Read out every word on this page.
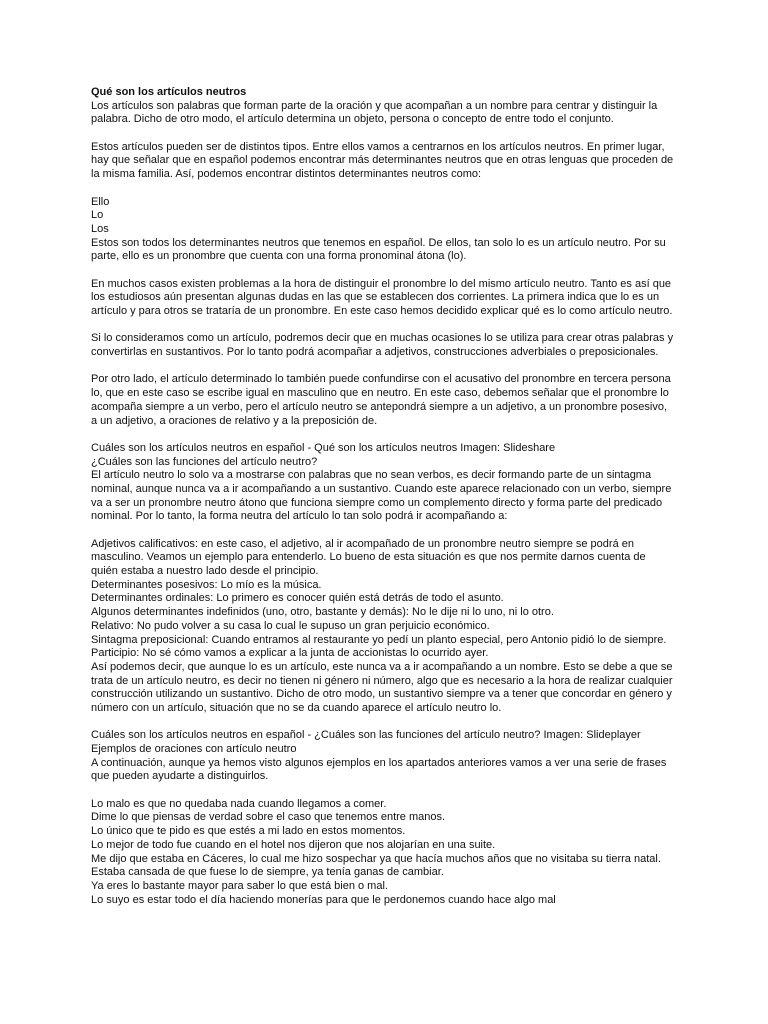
Qué son los artículos neutros
Los artículos son palabras que forman parte de la oración y que acompañan a un nombre para centrar y distinguir la
palabra. Dicho de otro modo, el artículo determina un objeto, persona o concepto de entre todo el conjunto.
Estos artículos pueden ser de distintos tipos. Entre ellos vamos a centrarnos en los artículos neutros. En primer lugar,
hay que señalar que en español podemos encontrar más determinantes neutros que en otras lenguas que proceden de
la misma familia. Así, podemos encontrar distintos determinantes neutros como:
Ello
Lo
Los
Estos son todos los determinantes neutros que tenemos en español. De ellos, tan solo lo es un artículo neutro. Por su
parte, ello es un pronombre que cuenta con una forma pronominal átona (lo).
En muchos casos existen problemas a la hora de distinguir el pronombre lo del mismo artículo neutro. Tanto es así que
los estudiosos aún presentan algunas dudas en las que se establecen dos corrientes. La primera indica que lo es un
artículo y para otros se trataría de un pronombre. En este caso hemos decidido explicar qué es lo como artículo neutro.
Si lo consideramos como un artículo, podremos decir que en muchas ocasiones lo se utiliza para crear otras palabras y
convertirlas en sustantivos. Por lo tanto podrá acompañar a adjetivos, construcciones adverbiales o preposicionales.
Por otro lado, el artículo determinado lo también puede confundirse con el acusativo del pronombre en tercera persona
lo, que en este caso se escribe igual en masculino que en neutro. En este caso, debemos señalar que el pronombre lo
acompaña siempre a un verbo, pero el artículo neutro se antepondrá siempre a un adjetivo, a un pronombre posesivo,
a un adjetivo, a oraciones de relativo y a la preposición de.
Cuáles son los artículos neutros en español - Qué son los artículos neutros Imagen: Slideshare
¿Cuáles son las funciones del artículo neutro?
El artículo neutro lo solo va a mostrarse con palabras que no sean verbos, es decir formando parte de un sintagma
nominal, aunque nunca va a ir acompañando a un sustantivo. Cuando este aparece relacionado con un verbo, siempre
va a ser un pronombre neutro átono que funciona siempre como un complemento directo y forma parte del predicado
nominal. Por lo tanto, la forma neutra del artículo lo tan solo podrá ir acompañando a:
Adjetivos calificativos: en este caso, el adjetivo, al ir acompañado de un pronombre neutro siempre se podrá en
masculino. Veamos un ejemplo para entenderlo. Lo bueno de esta situación es que nos permite darnos cuenta de
quién estaba a nuestro lado desde el principio.
Determinantes posesivos: Lo mío es la música.
Determinantes ordinales: Lo primero es conocer quién está detrás de todo el asunto.
Algunos determinantes indefinidos (uno, otro, bastante y demás): No le dije ni lo uno, ni lo otro.
Relativo: No pudo volver a su casa lo cual le supuso un gran perjuicio económico.
Sintagma preposicional: Cuando entramos al restaurante yo pedí un planto especial, pero Antonio pidió lo de siempre.
Participio: No sé cómo vamos a explicar a la junta de accionistas lo ocurrido ayer.
Así podemos decir, que aunque lo es un artículo, este nunca va a ir acompañando a un nombre. Esto se debe a que se
trata de un artículo neutro, es decir no tienen ni género ni número, algo que es necesario a la hora de realizar cualquier
construcción utilizando un sustantivo. Dicho de otro modo, un sustantivo siempre va a tener que concordar en género y
número con un artículo, situación que no se da cuando aparece el artículo neutro lo.
Cuáles son los artículos neutros en español - ¿Cuáles son las funciones del artículo neutro? Imagen: Slideplayer
Ejemplos de oraciones con artículo neutro
A continuación, aunque ya hemos visto algunos ejemplos en los apartados anteriores vamos a ver una serie de frases
que pueden ayudarte a distinguirlos.
Lo malo es que no quedaba nada cuando llegamos a comer.
Dime lo que piensas de verdad sobre el caso que tenemos entre manos.
Lo único que te pido es que estés a mi lado en estos momentos.
Lo mejor de todo fue cuando en el hotel nos dijeron que nos alojarían en una suite.
Me dijo que estaba en Cáceres, lo cual me hizo sospechar ya que hacía muchos años que no visitaba su tierra natal.
Estaba cansada de que fuese lo de siempre, ya tenía ganas de cambiar.
Ya eres lo bastante mayor para saber lo que está bien o mal.
Lo suyo es estar todo el día haciendo monerías para que le perdonemos cuando hace algo mal
